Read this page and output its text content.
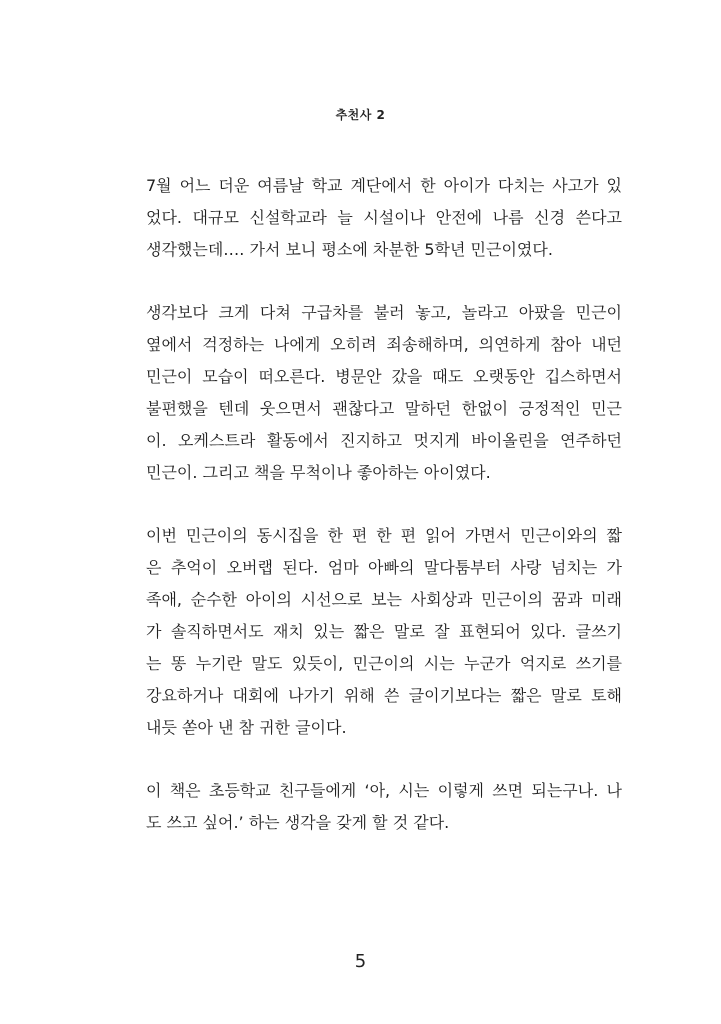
추천사 2

7월 어느 더운 여름날 학교 계단에서 한 아이가 다치는 사고가 있
었다. 대규모 신설학교라 늘 시설이나 안전에 나름 신경 쓴다고
생각했는데…. 가서 보니 평소에 차분한 5학년 민근이였다.

생각보다 크게 다쳐 구급차를 불러 놓고, 놀라고 아팠을 민근이
옆에서 걱정하는 나에게 오히려 죄송해하며, 의연하게 참아 내던
민근이 모습이 떠오른다. 병문안 갔을 때도 오랫동안 깁스하면서
불편했을 텐데 웃으면서 괜찮다고 말하던 한없이 긍정적인 민근
이. 오케스트라 활동에서 진지하고 멋지게 바이올린을 연주하던
민근이. 그리고 책을 무척이나 좋아하는 아이였다.

이번 민근이의 동시집을 한 편 한 편 읽어 가면서 민근이와의 짧
은 추억이 오버랩 된다. 엄마 아빠의 말다툼부터 사랑 넘치는 가
족애, 순수한 아이의 시선으로 보는 사회상과 민근이의 꿈과 미래
가 솔직하면서도 재치 있는 짧은 말로 잘 표현되어 있다. 글쓰기
는 똥 누기란 말도 있듯이, 민근이의 시는 누군가 억지로 쓰기를
강요하거나 대회에 나가기 위해 쓴 글이기보다는 짧은 말로 토해
내듯 쏟아 낸 참 귀한 글이다.

이 책은 초등학교 친구들에게 ‘아, 시는 이렇게 쓰면 되는구나. 나
도 쓰고 싶어.’ 하는 생각을 갖게 할 것 같다.

5
